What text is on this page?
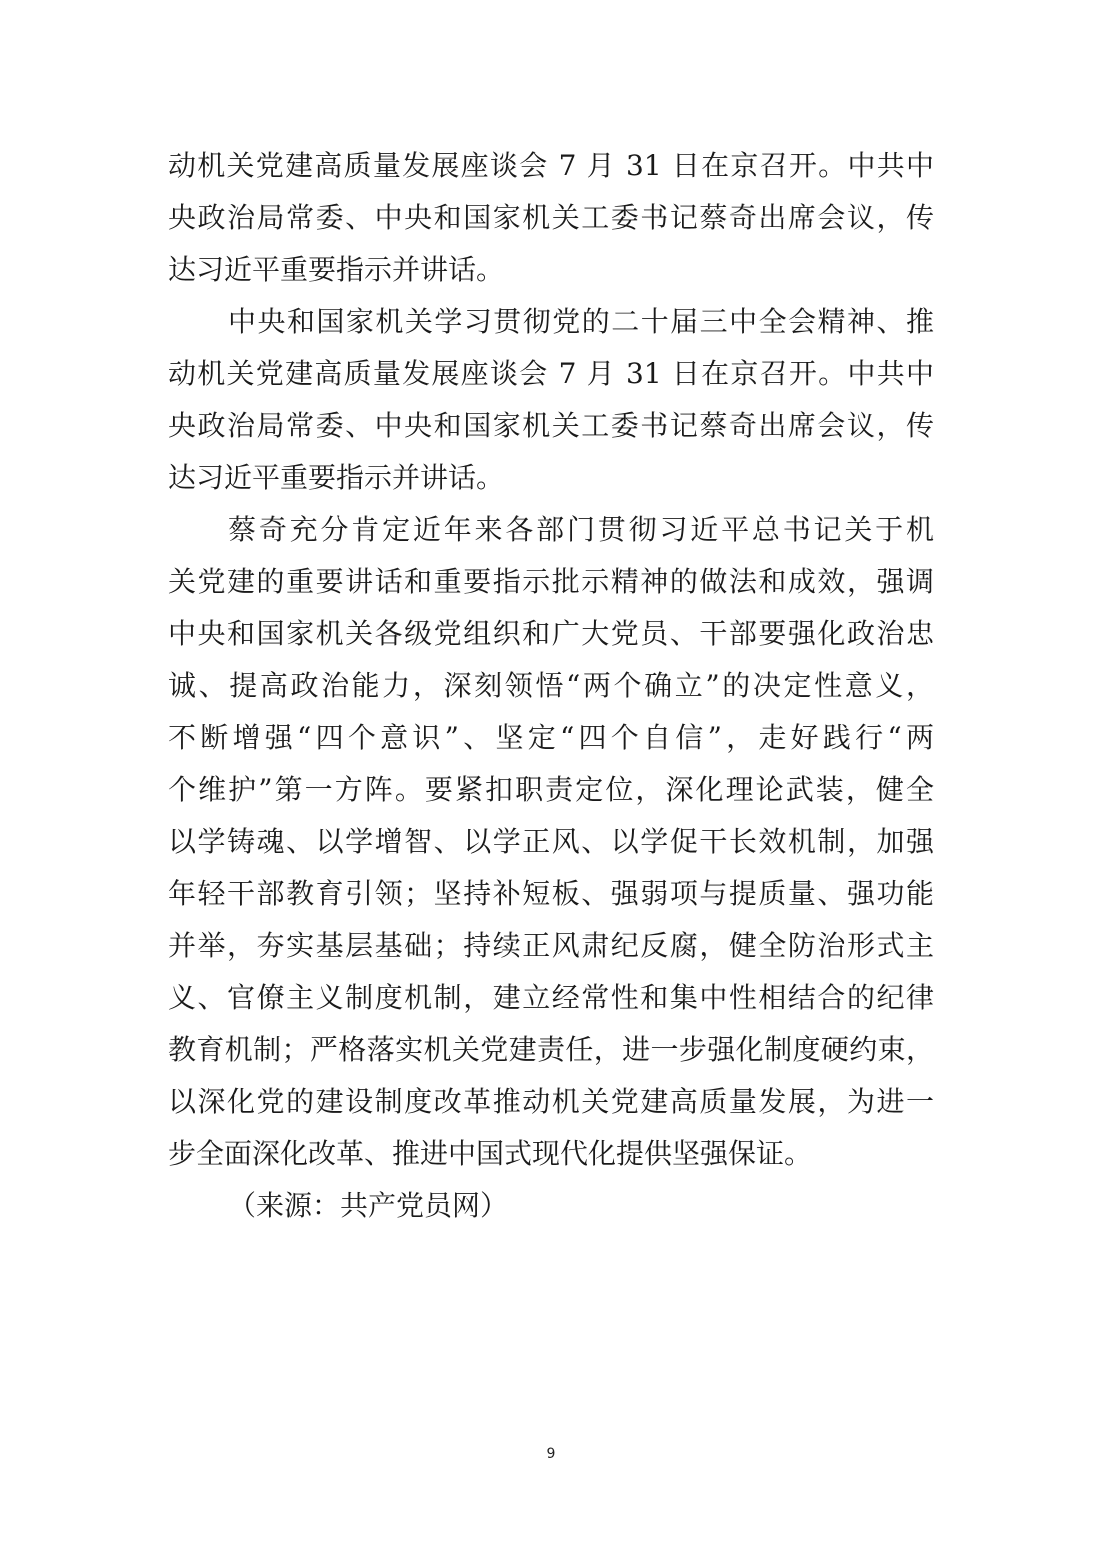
动机关党建高质量发展座谈会 7 月 31 日在京召开。中共中
央政治局常委、中央和国家机关工委书记蔡奇出席会议，传
达习近平重要指示并讲话。
中央和国家机关学习贯彻党的二十届三中全会精神、推
动机关党建高质量发展座谈会 7 月 31 日在京召开。中共中
央政治局常委、中央和国家机关工委书记蔡奇出席会议，传
达习近平重要指示并讲话。
蔡奇充分肯定近年来各部门贯彻习近平总书记关于机
关党建的重要讲话和重要指示批示精神的做法和成效，强调
中央和国家机关各级党组织和广大党员、干部要强化政治忠
诚、提高政治能力，深刻领悟“两个确立”的决定性意义，
不断增强“四个意识”、坚定“四个自信”，走好践行“两
个维护”第一方阵。要紧扣职责定位，深化理论武装，健全
以学铸魂、以学增智、以学正风、以学促干长效机制，加强
年轻干部教育引领；坚持补短板、强弱项与提质量、强功能
并举，夯实基层基础；持续正风肃纪反腐，健全防治形式主
义、官僚主义制度机制，建立经常性和集中性相结合的纪律
教育机制；严格落实机关党建责任，进一步强化制度硬约束，
以深化党的建设制度改革推动机关党建高质量发展，为进一
步全面深化改革、推进中国式现代化提供坚强保证。
（来源：共产党员网）
9
